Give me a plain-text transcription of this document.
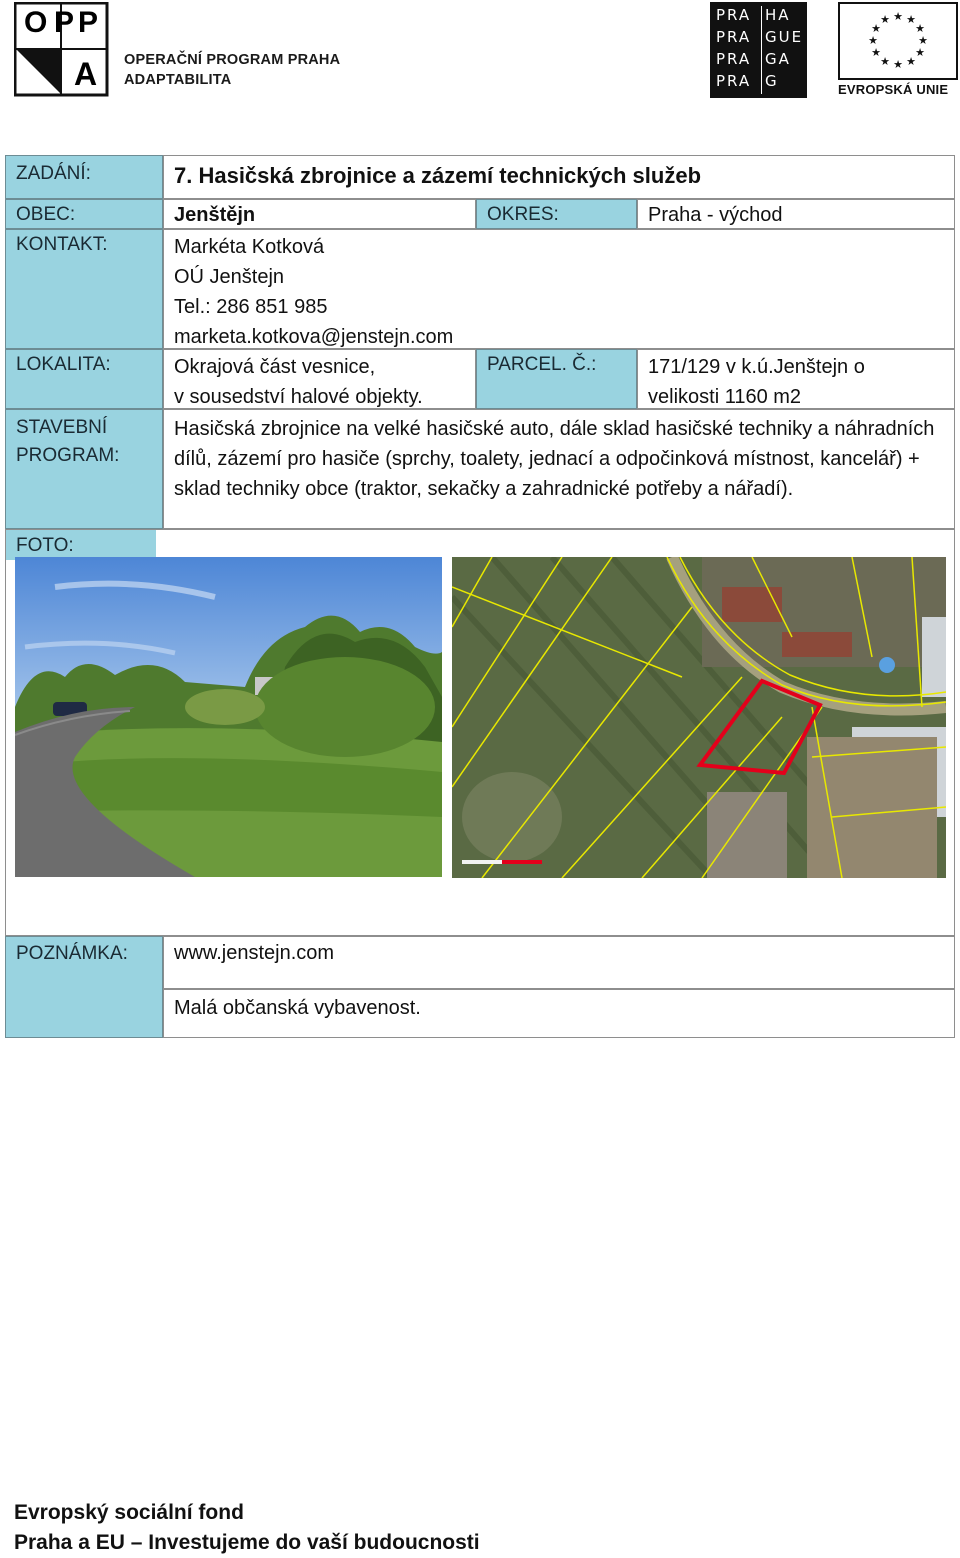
O P P
A OPERAČNÍ PROGRAM PRAHA
ADAPTABILITA
PRA
PRA
PRA
PRA
HA
GUE
GA
G
★ ★
★
★
★
★
★
★
★
★
★
★
EVROPSKÁ UNIE
ZADÁNÍ:	7. Hasičská zbrojnice a zázemí technických služeb
OBEC:	Jenštějn	OKRES:	Praha - východ
KONTAKT:	Markéta Kotková
OÚ Jenštejn
Tel.: 286 851 985
marketa.kotkova@jenstejn.com
LOKALITA:	Okrajová část vesnice,
v sousedství halové objekty.
PARCEL. Č.:	171/129 v k.ú.Jenštejn o
velikosti 1160 m2
STAVEBNÍ
PROGRAM:
Hasičská zbrojnice na velké hasičské auto, dále sklad hasičské techniky a náhradních dílů, zázemí pro hasiče (sprchy, toalety, jednací a odpočinková místnost, kancelář) + sklad techniky obce (traktor, sekačky a zahradnické potřeby a nářadí).
FOTO:
POZNÁMKA:	www.jenstejn.com
Malá občanská vybavenost.
Evropský sociální fond
Praha a EU – Investujeme do vaší budoucnosti
